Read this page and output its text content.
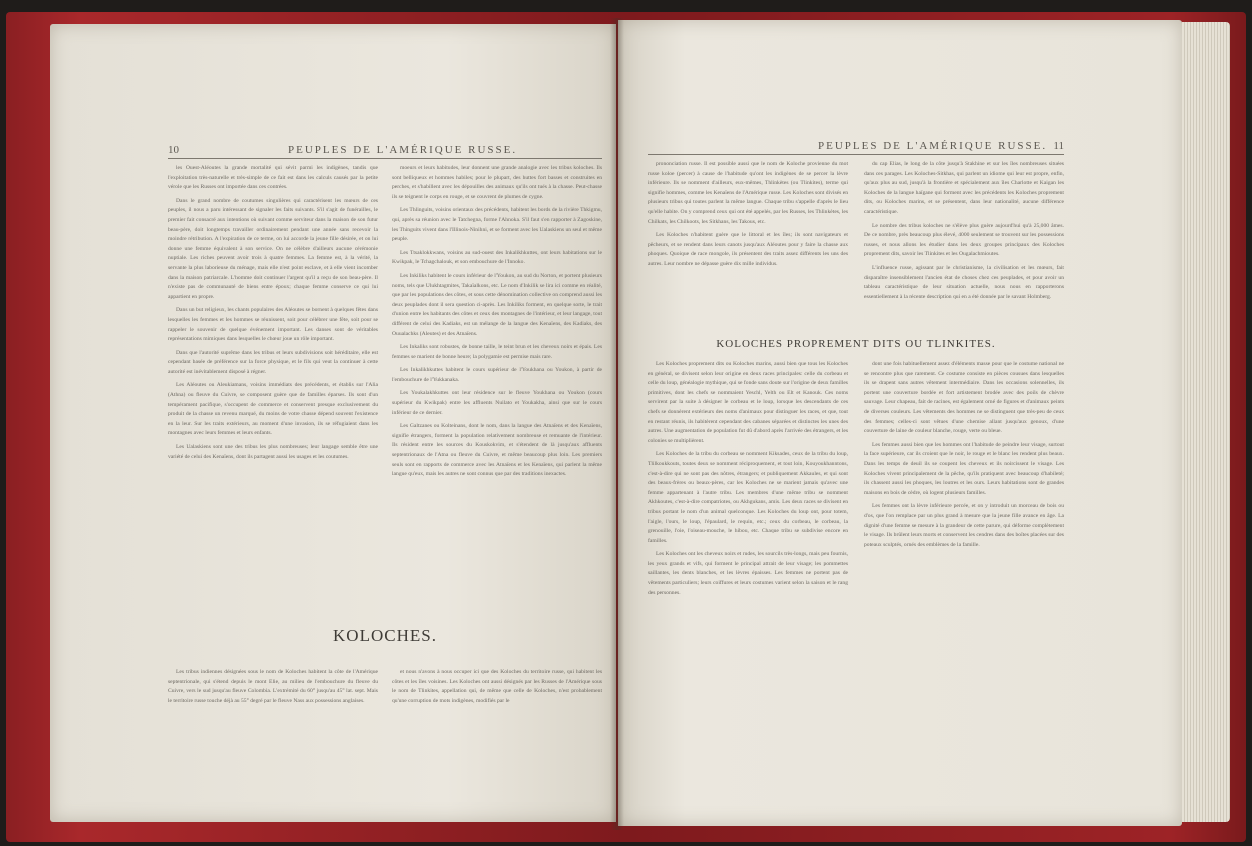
10	PEUPLES DE L'AMÉRIQUE RUSSE.

les Ouest-Aléoutes la grande mortalité qui sévit parmi les indigènes, tandis que l'exploitation très-naturelle et très-simple de ce fait est dans les calculs causés par la petite vérole que les Russes ont importée dans ces contrées.

Dans le grand nombre de coutumes singulières qui caractérisent les mœurs de ces peuples, il nous a paru intéressant de signaler les faits suivants. S'il s'agit de funérailles, le premier fait consacré aux intentions où suivant comme serviteur dans la maison de son futur beau-père, doit longtemps travailler ordinairement pendant une année sans recevoir la moindre rétribution. A l'expiration de ce terme, on lui accorde la jeune fille désirée, et on lui donne une femme équivalent à son service. On ne célèbre d'ailleurs aucune cérémonie nuptiale. Les riches peuvent avoir trois à quatre femmes. La femme est, à la vérité, la servante la plus laborieuse du ménage, mais elle n'est point esclave, et à elle vient incomber dans la maison patriarcale. L'homme doit continuer l'argent qu'il a reçu de son beau-père. Il n'existe pas de communauté de biens entre époux; chaque femme conserve ce qui lui appartient en propre.

Dans un but religieux, les chants populaires des Aléoutes se bornent à quelques fêtes dans lesquelles les femmes et les hommes se réunissent, soit pour célébrer une fête, soit pour se rappeler le souvenir de quelque événement important. Les danses sont de véritables représentations mimiques dans lesquelles le chœur joue un rôle important.

Dans que l'autorité suprême dans les tribus et leurs subdivisions soit héréditaire, elle est cependant basée de préférence sur la force physique, et le fils qui veut la continuer à cette autorité est inévitablement disposé à régner.

Les Aléoutes ou Aleukiamans, voisins immédiats des précédents, et établis sur l'Alia (Athna) ou fleuve du Cuivre, se composent guère que de familles éparses. Ils sont d'un tempérament pacifique, s'occupent de commerce et conservent presque exclusivement du produit de la chasse un revenu marqué, du moins de votre chasse dépend souvent l'existence en la leur. Sur les traits extérieurs, au moment d'une invasion, ils se réfugiaient dans les montagnes avec leurs femmes et leurs enfants.

Les Ualaskiens sont une des tribus les plus nombreuses; leur langage semble être une variété de celui des Kenaïens, dont ils partagent aussi les usages et les coutumes.

moeurs et leurs habitudes, leur donnent une grande analogie avec les tribus koloches. Ils sont belliqueux et hommes habiles; pour le plupart, des huttes fort basses et construites en perches, et s'habillent avec les dépouilles des animaux qu'ils ont tués à la chasse. Peut-chasse ils se teignent le corps en rouge, et se couvrent de plumes de cygne.

Les Thlinguits, voisins orientaux des précédents, habitent les bords de la rivière Thkigmu, qui, après sa réunion avec le Tatchegna, forme l'Ahnoka. S'il faut s'en rapporter à Zagoskine, les Thinguits vivent dans l'Illinois-Ninihni, et se forment avec les Ualaskiens un seul et même peuple.

Les Ttsaklokkwans, voisins au sud-ouest des Inkalikhkuttes, ont leurs habitations sur le Kwikpak, le Tchagchalouk, et son embouchure de l'Innoko.

Les Inkiliks habitent le cours inférieur de l'Youkon, au sud du Norton, et portent plusieurs noms, tels que Ulukhtagmites, Takaïalkons, etc. Le nom d'Inkilik se lira ici comme en réalité, que par les populations des côtes, et sous cette dénomination collective on comprend aussi les deux peuplades dont il sera question ci-après. Les Inkiliks forment, en quelque sorte, le trait d'union entre les habitants des côtes et ceux des montagnes de l'intérieur, et leur langage, tout différent de celui des Kadiaks, est un mélange de la langue des Kenaïens, des Kadiaks, des Ouualachks (Aleutes) et des Atnaïens.

Les Inkaliks sont robustes, de bonne taille, le teint brun et les cheveux noirs et épais. Les femmes se marient de bonne heure; la polygamie est permise mais rare.

Les Inkalikhkuttes habitent le cours supérieur de l'Youkhana ou Youkon, à partir de l'embouchure de l'Yukkanaka.

Les Youkalakhkuttes ont leur résidence sur le fleuve Youkhana ou Youkon (cours supérieur du Kwikpak) entre les affluents Nuilato et Youkakha, ainsi que sur le cours inférieur de ce dernier.

Les Galtzanes ou Kolteinans, dont le nom, dans la langue des Atnaïens et des Kenaïens, signifie étrangers, forment la population relativement nombreuse et remuante de l'intérieur. Ils résident entre les sources du Kouskokvim, et s'étendent de là jusqu'aux affluents septentrionaux de l'Atna ou fleuve du Cuivre, et même beaucoup plus loin. Les premiers seuls sont en rapports de commerce avec les Atnaïens et les Kenaïens, qui parlent la même langue qu'eux, mais les autres ne sont connus que par des traditions inexactes.

KOLOCHES.

Les tribus indiennes désignées sous le nom de Koloches habitent la côte de l'Amérique septentrionale, qui s'étend depuis le mont Elie, au milieu de l'embouchure du fleuve du Cuivre, vers le sud jusqu'au fleuve Colombia. L'extrémité du 60° jusqu'au 45° lat. sept. Mais le territoire russe touche déjà au 55° degré par le fleuve Nass aux possessions anglaises.

et nous n'avons à nous occuper ici que des Koloches du territoire russe, qui habitent les côtes et les îles voisines. Les Koloches ont aussi désignés par les Russes de l'Amérique sous le nom de Tlinkites, appellation qui, de même que celle de Koloches, n'est probablement qu'une corruption de mots indigènes, modifiés par le

PEUPLES DE L'AMÉRIQUE RUSSE. 11

prononciation russe. Il est possible aussi que le nom de Koloche provienne du mot russe koloe (percer) à cause de l'habitude qu'ont les indigènes de se percer la lèvre inférieure. Ils se nomment d'ailleurs, eux-mêmes, Thlinkètes (ou Tlinkites), terme qui signifie hommes, comme les Kenaïens de l'Amérique russe. Les Koloches sont divisés en plusieurs tribus qui toutes parlent la même langue. Chaque tribu s'appelle d'après le lieu qu'elle habite. On y comprend ceux qui ont été appelés, par les Russes, les Thlinkètes, les Chilkats, les Chilkoots, les Sitkhans, les Takous, etc.

Les Koloches n'habitent guère que le littoral et les îles; ils sont navigateurs et pêcheurs, et se rendent dans leurs canots jusqu'aux Aléoutes pour y faire la chasse aux phoques. Quoique de race mongole, ils présentent des traits assez différents les uns des autres. Leur nombre ne dépasse guère dix mille individus.

du cap Elias, le long de la côte jusqu'à Stakhine et sur les îles nombreuses situées dans ces parages. Les Koloches-Sitkhas, qui parlent un idiome qui leur est propre, enfin, qu'aux plus au sud, jusqu'à la frontière et spécialement aux îles Charlotte et Kaigan les Koloches de la langue haïgane qui forment avec les précédents les Koloches proprement dits, ou Koloches marins, et se présentent, dans leur nationalité, aucune différence caractéristique.

Le nombre des tribus koloches ne s'élève plus guère aujourd'hui qu'à 25,000 âmes. De ce nombre, près beaucoup plus élevé, 4000 seulement se trouvent sur les possessions russes, et nous allons les étudier dans les deux groupes principaux des Koloches proprement dits, savoir les Tlinkites et les Ougalachmioutes.

L'influence russe, agissant par le christianisme, la civilisation et les mœurs, fait disparaître insensiblement l'ancien état de choses chez ces peuplades, et pour avoir un tableau caractéristique de leur situation actuelle, nous nous en rapporterons essentiellement à la récente description qui en a été donnée par le savant Holmberg.

KOLOCHES PROPREMENT DITS OU TLINKITES.

Les Koloches proprement dits ou Koloches marins, aussi bien que tous les Koloches en général, se divisent selon leur origine en deux races principales: celle du corbeau et celle du loup, généalogie mythique, qui se fonde sans doute sur l'origine de deux familles primitives, dont les chefs se nommaient Yeschl, Yelth ou Elt et Kanouk. Ces noms servirent par la suite à désigner le corbeau et le loup, lorsque les descendants de ces chefs se donnèrent extérieurs des noms d'animaux pour distinguer les races, et que, tout en restant réunis, ils habitèrent cependant des cabanes séparées et distinctes les unes des autres. Une augmentation de population fut dû d'abord après l'arrivée des étrangers, et les colonies se multiplièrent.

Les Koloches de la tribu du corbeau se nomment Kiksades, ceux de la tribu du loup, Tlilkoukkouts, toutes deux se nomment réciproquement, et tout loin, Kouyoukhanntons, c'est-à-dire qui ne sont pas des nôtres, étrangers; et publiquement Akkaules, et qui sont des beaux-frères ou beaux-pères, car les Koloches ne se marient jamais qu'avec une femme appartenant à l'autre tribu. Les membres d'une même tribu se nomment Akhkoutes, c'est-à-dire compatriotes, ou Akhgukans, amis. Les deux races se divisent en tribus portant le nom d'un animal quelconque. Les Koloches du loup ont, pour totem, l'aigle, l'ours, le loup, l'épaulard, le requin, etc.; ceux du corbeau, le corbeau, la grenouille, l'oie, l'oiseau-mouche, le hibou, etc. Chaque tribu se subdivise encore en familles.

Les Koloches ont les cheveux noirs et rudes, les sourcils très-longs, mais peu fournis, les yeux grands et vifs, qui forment le principal attrait de leur visage; les pommettes saillantes, les dents blanches, et les lèvres épaisses. Les femmes ne portent pas de vêtements particuliers; leurs coiffures et leurs costumes varient selon la saison et le rang des personnes.

dont une fois habituellement assez d'éléments masse pour que le costume national ne se rencontre plus que rarement. Ce costume consiste en pièces cousues dans lesquelles ils se drapent sans autres vêtement intermédiaire. Dans les occasions solennelles, ils portent une couverture bordée et fort artistement brodée avec des poils de chèvre sauvage. Leur chapeau, fait de racines, est également orné de figures et d'animaux peints de diverses couleurs. Les vêtements des hommes ne se distinguent que très-peu de ceux des femmes; celles-ci sont vêtues d'une chemise allant jusqu'aux genoux, d'une couverture de laine de couleur blanche, rouge, verte ou bleue.

Les femmes aussi bien que les hommes ont l'habitude de peindre leur visage, surtout la face supérieure, car ils croient que le noir, le rouge et le blanc les rendent plus beaux. Dans les temps de deuil ils se coupent les cheveux et ils noircissent le visage. Les Koloches vivent principalement de la pêche, qu'ils pratiquent avec beaucoup d'habileté; ils chassent aussi les phoques, les loutres et les ours. Leurs habitations sont de grandes maisons en bois de cèdre, où logent plusieurs familles.

Les femmes ont la lèvre inférieure percée, et on y introduit un morceau de bois ou d'os, que l'on remplace par un plus grand à mesure que la jeune fille avance en âge. La dignité d'une femme se mesure à la grandeur de cette parure, qui déforme complètement le visage. Ils brûlent leurs morts et conservent les cendres dans des boîtes placées sur des poteaux sculptés, ornés des emblèmes de la famille.
